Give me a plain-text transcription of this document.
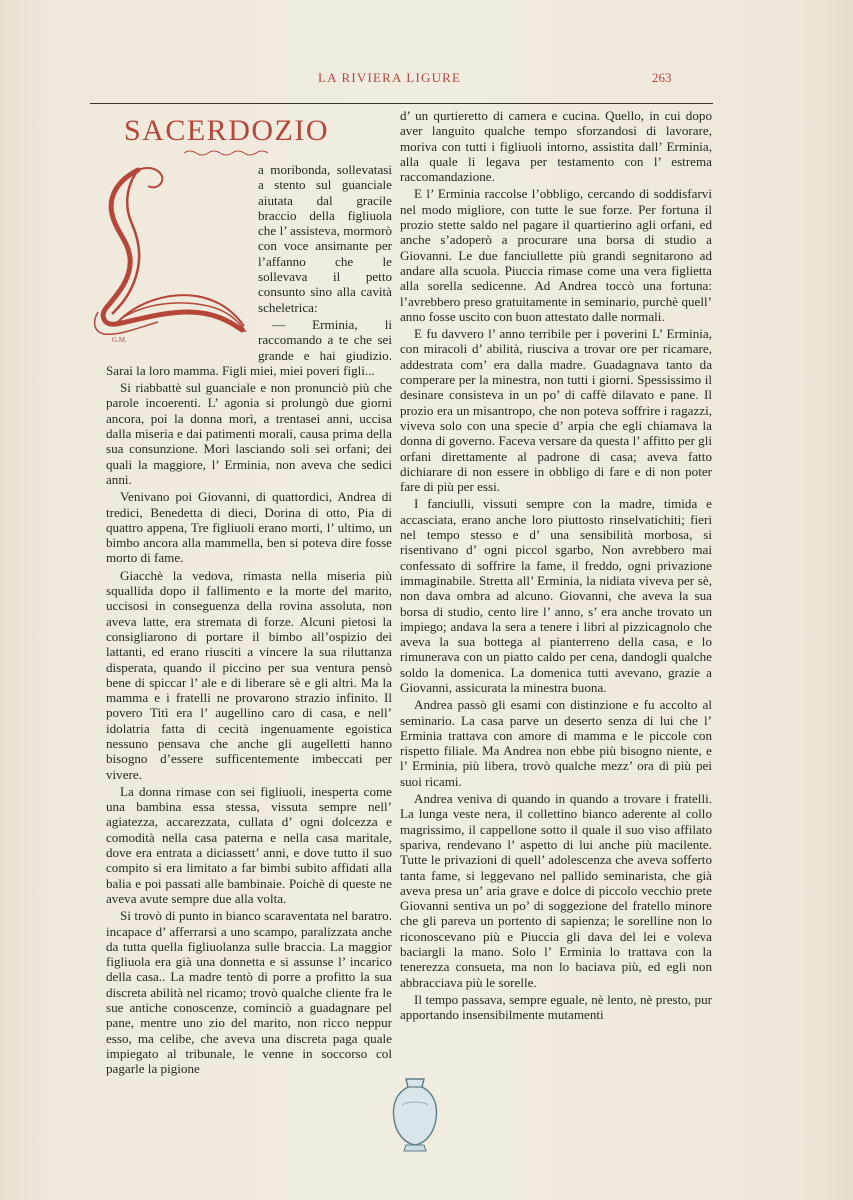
LA RIVIERA LIGURE	263
SACERDOZIO
G.M.

a moribonda, sollevatasi a stento sul guanciale aiutata dal gracile braccio della figliuola che l’ assisteva, mormorò con voce ansimante per l’affanno che le sollevava il petto consunto sino alla cavità scheletrica:

— Erminia, li raccomando a te che sei grande e hai giudizio. Sarai la loro mamma. Figli miei, miei poveri figli...

Si riabbattè sul guanciale e non pronunciò più che parole incoerenti. L’ agonia si prolungò due giorni ancora, poi la donna morì, a trentasei anni, uccisa dalla miseria e dai patimenti morali, causa prima della sua consunzione. Morì lasciando soli sei orfani; dei quali la maggiore, l’ Erminia, non aveva che sedici anni.

Venivano poi Giovanni, di quattordici, Andrea di tredici, Benedetta di dieci, Dorina di otto, Pia di quattro appena, Tre figliuoli erano morti, l’ ultimo, un bimbo ancora alla mammella, ben si poteva dire fosse morto di fame.

Giacchè la vedova, rimasta nella miseria più squallida dopo il fallimento e la morte del marito, uccisosi in conseguenza della rovina assoluta, non aveva latte, era stremata di forze. Alcuni pietosi la consigliarono di portare il bimbo all’ospizio dei lattanti, ed erano riusciti a vincere la sua riluttanza disperata, quando il piccino per sua ventura pensò bene di spiccar l’ ale e di liberare sè e gli altri. Ma la mamma e i fratelli ne provarono strazio infinito. Il povero Titì era l’ augellino caro di casa, e nell’ idolatria fatta di cecità ingenuamente egoistica nessuno pensava che anche gli augelletti hanno bisogno d’essere sufficentemente imbeccati per vivere.

La donna rimase con sei figliuoli, inesperta come una bambina essa stessa, vissuta sempre nell’ agiatezza, accarezzata, cullata d’ ogni dolcezza e comodità nella casa paterna e nella casa maritale, dove era entrata a diciassett’ anni, e dove tutto il suo compito si era limitato a far bimbi subito affidati alla balia e poi passati alle bambinaie. Poichè di queste ne aveva avute sempre due alla volta.

Si trovò di punto in bianco scaraventata nel baratro. incapace d’ afferrarsi a uno scampo, paralizzata anche da tutta quella figliuolanza sulle braccia. La maggior figliuola era già una donnetta e si assunse l’ incarico della casa.. La madre tentò di porre a profitto la sua discreta abilità nel ricamo; trovò qualche cliente fra le sue antiche conoscenze, cominciò a guadagnare pel pane, mentre uno zio del marito, non ricco neppur esso, ma celibe, che aveva una discreta paga quale impiegato al tribunale, le venne in soccorso col pagarle la pigione

d’ un qurtieretto di camera e cucina. Quello, in cui dopo aver languito qualche tempo sforzandosi di lavorare, moriva con tutti i figliuoli intorno, assistita dall’ Erminia, alla quale li legava per testamento con l’ estrema raccomandazione.

E l’ Erminia raccolse l’obbligo, cercando di soddisfarvi nel modo migliore, con tutte le sue forze. Per fortuna il prozio stette saldo nel pagare il quartierino agli orfani, ed anche s’adoperò a procurare una borsa di studio a Giovanni. Le due fanciullette più grandi segnitarono ad andare alla scuola. Piuccia rimase come una vera figlietta alla sorella sedicenne. Ad Andrea toccò una fortuna: l’avrebbero preso gratuitamente in seminario, purchè quell’ anno fosse uscito con buon attestato dalle normali.

E fu davvero l’ anno terribile per i poverini L’ Erminia, con miracoli d’ abilità, riusciva a trovar ore per ricamare, addestrata com’ era dalla madre. Guadagnava tanto da comperare per la minestra, non tutti i giorni. Spessissimo il desinare consisteva in un po’ di caffè dilavato e pane. Il prozio era un misantropo, che non poteva soffrire i ragazzi, viveva solo con una specie d’ arpia che egli chiamava la donna di governo. Faceva versare da questa l’ affitto per gli orfani direttamente al padrone di casa; aveva fatto dichiarare di non essere in obbligo di fare e di non poter fare di più per essi.

I fanciulli, vissuti sempre con la madre, timida e accasciata, erano anche loro piuttosto rinselvatichiti; fieri nel tempo stesso e d’ una sensibilità morbosa, si risentivano d’ ogni piccol sgarbo, Non avrebbero mai confessato di soffrire la fame, il freddo, ogni privazione immaginabile. Stretta all’ Erminia, la nidiata viveva per sè, non dava ombra ad alcuno. Giovanni, che aveva la sua borsa di studio, cento lire l’ anno, s’ era anche trovato un impiego; andava la sera a tenere i libri al pizzicagnolo che aveva la sua bottega al pianterreno della casa, e lo rimunerava con un piatto caldo per cena, dandogli qualche soldo la domenica. La domenica tutti avevano, grazie a Giovanni, assicurata la minestra buona.

Andrea passò gli esami con distinzione e fu accolto al seminario. La casa parve un deserto senza di lui che l’ Erminia trattava con amore di mamma e le piccole con rispetto filiale. Ma Andrea non ebbe più bisogno niente, e l’ Erminia, più libera, trovò qualche mezz’ ora di più pei suoi ricami.

Andrea veniva di quando in quando a trovare i fratelli. La lunga veste nera, il collettino bianco aderente al collo magrissimo, il cappellone sotto il quale il suo viso affilato spariva, rendevano l’ aspetto di lui anche più macilente. Tutte le privazioni di quell’ adolescenza che aveva sofferto tanta fame, si leggevano nel pallido seminarista, che già aveva presa un’ aria grave e dolce di piccolo vecchio prete Giovanni sentiva un po’ di soggezione del fratello minore che gli pareva un portento di sapienza; le sorelline non lo riconoscevano più e Piuccia gli dava del lei e voleva baciargli la mano. Solo l’ Erminia lo trattava con la tenerezza consueta, ma non lo baciava più, ed egli non abbracciava più le sorelle.

Il tempo passava, sempre eguale, nè lento, nè presto, pur apportando insensibilmente mutamenti
